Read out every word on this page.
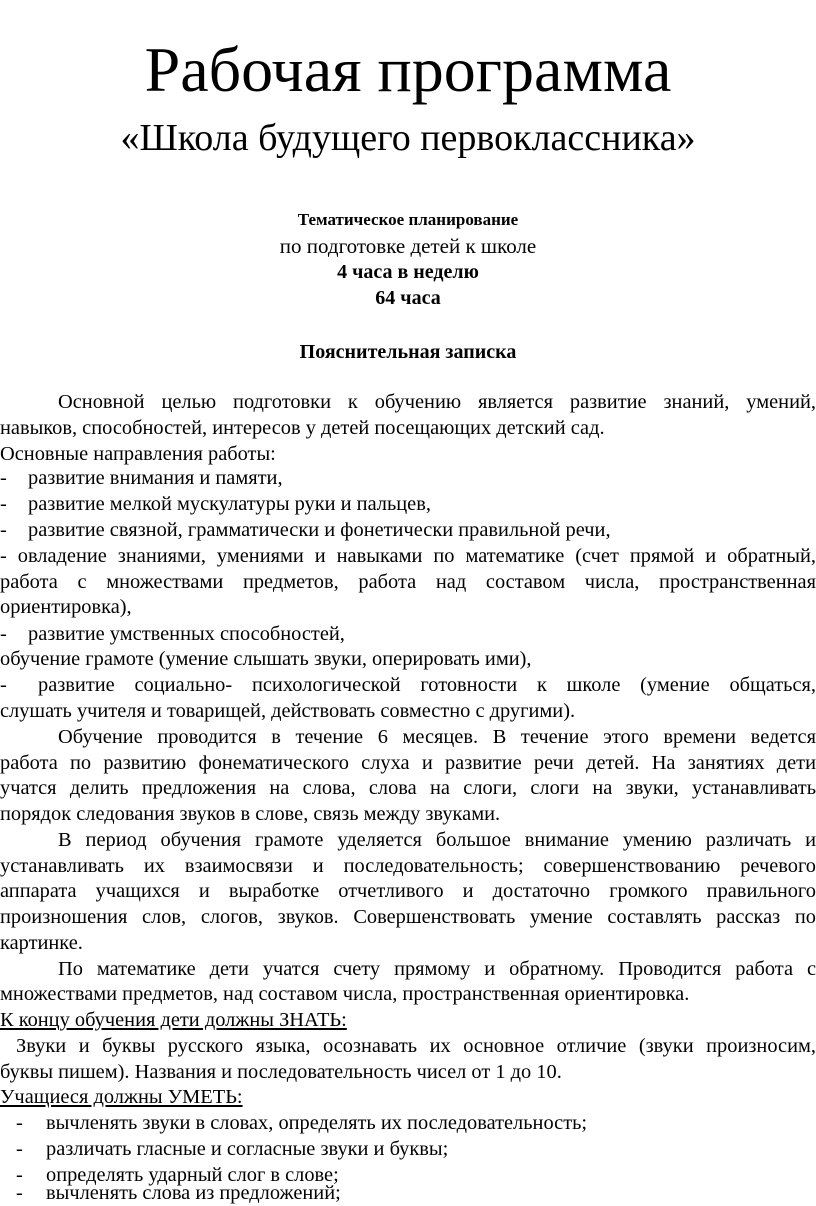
Рабочая программа
«Школа будущего первоклассника»
Тематическое планирование
по подготовке детей к школе
4 часа в неделю
64 часа
Пояснительная записка
Основной целью подготовки к обучению является развитие знаний, умений,
навыков, способностей, интересов у детей посещающих детский сад.
Основные направления работы:
-	развитие внимания и памяти,
-	развитие мелкой мускулатуры руки и пальцев,
-	развитие связной, грамматически и фонетически правильной речи,
- овладение знаниями, умениями и навыками по математике (счет прямой и обратный,
работа с множествами предметов, работа над составом числа, пространственная
ориентировка),
-	развитие умственных способностей,
обучение грамоте (умение слышать звуки, оперировать ими),
-	развитие социально- психологической готовности к школе (умение общаться,
слушать учителя и товарищей, действовать совместно с другими).
Обучение проводится в течение 6 месяцев. В течение этого времени ведется
работа по развитию фонематического слуха и развитие речи детей. На занятиях дети
учатся делить предложения на слова, слова на слоги, слоги на звуки, устанавливать
порядок следования звуков в слове, связь между звуками.
В период обучения грамоте уделяется большое внимание умению различать и
устанавливать их взаимосвязи и последовательность; совершенствованию речевого
аппарата учащихся и выработке отчетливого и достаточно громкого правильного
произношения слов, слогов, звуков. Совершенствовать умение составлять рассказ по
картинке.
По математике дети учатся счету прямому и обратному. Проводится работа с
множествами предметов, над составом числа, пространственная ориентировка.
К концу обучения дети должны ЗНАТЬ:
Звуки и буквы русского языка, осознавать их основное отличие (звуки произносим,
буквы пишем). Названия и последовательность чисел от 1 до 10.
Учащиеся должны УМЕТЬ:
-	вычленять звуки в словах, определять их последовательность;
-	различать гласные и согласные звуки и буквы;
-	определять ударный слог в слове;
-	вычленять слова из предложений;
